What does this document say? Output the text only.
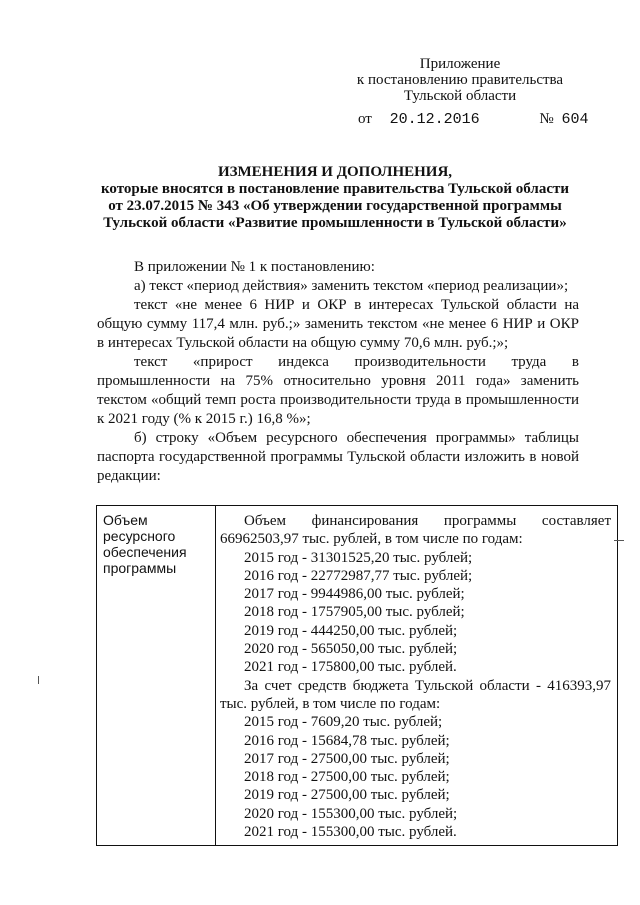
Приложение
к постановлению правительства
Тульской области
от 20.12.2016	№ 604
ИЗМЕНЕНИЯ И ДОПОЛНЕНИЯ,
которые вносятся в постановление правительства Тульской области
от 23.07.2015 № 343 «Об утверждении государственной программы
Тульской области «Развитие промышленности в Тульской области»
В приложении № 1 к постановлению:
а) текст «период действия» заменить текстом «период реализации»;
текст «не менее 6 НИР и ОКР в интересах Тульской области на общую сумму 117,4 млн. руб.;» заменить текстом «не менее 6 НИР и ОКР в интересах Тульской области на общую сумму 70,6 млн. руб.;»;
текст «прирост индекса производительности труда в промышленности на 75% относительно уровня 2011 года» заменить текстом «общий темп роста производительности труда в промышленности к 2021 году (% к 2015 г.) 16,8 %»;
б) строку «Объем ресурсного обеспечения программы» таблицы паспорта государственной программы Тульской области изложить в новой редакции:
Объем
ресурсного
обеспечения
программы

Объем финансирования программы составляет 66962503,97 тыс. рублей, в том числе по годам:
2015 год - 31301525,20 тыс. рублей;
2016 год - 22772987,77 тыс. рублей;
2017 год - 9944986,00 тыс. рублей;
2018 год - 1757905,00 тыс. рублей;
2019 год - 444250,00 тыс. рублей;
2020 год - 565050,00 тыс. рублей;
2021 год - 175800,00 тыс. рублей.
За счет средств бюджета Тульской области - 416393,97 тыс. рублей, в том числе по годам:
2015 год - 7609,20 тыс. рублей;
2016 год - 15684,78 тыс. рублей;
2017 год - 27500,00 тыс. рублей;
2018 год - 27500,00 тыс. рублей;
2019 год - 27500,00 тыс. рублей;
2020 год - 155300,00 тыс. рублей;
2021 год - 155300,00 тыс. рублей.
